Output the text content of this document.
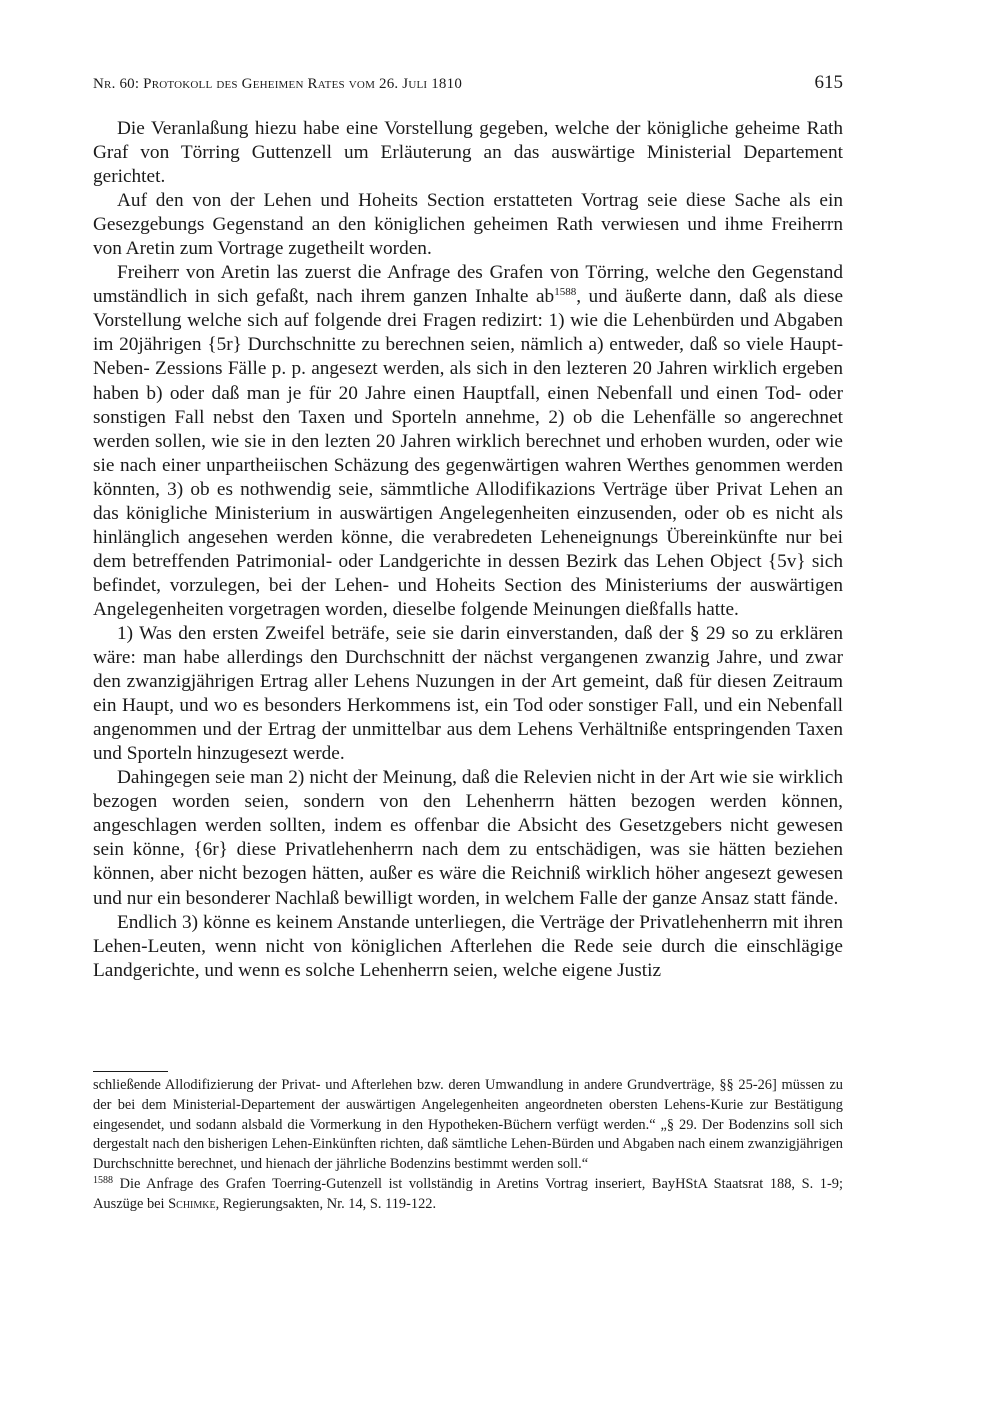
Nr. 60: Protokoll des Geheimen Rates vom 26. Juli 1810	615

Die Veranlaßung hiezu habe eine Vorstellung gegeben, welche der königliche geheime Rath Graf von Törring Guttenzell um Erläuterung an das auswärtige Ministerial Departement gerichtet.

Auf den von der Lehen und Hoheits Section erstatteten Vortrag seie diese Sache als ein Gesezgebungs Gegenstand an den königlichen geheimen Rath verwiesen und ihme Freiherrn von Aretin zum Vortrage zugetheilt worden.

Freiherr von Aretin las zuerst die Anfrage des Grafen von Törring, welche den Gegenstand umständlich in sich gefaßt, nach ihrem ganzen Inhalte $ab^{1588}$, und äußerte dann, daß als diese Vorstellung welche sich auf folgende drei Fragen redizirt: 1) wie die Lehenbürden und Abgaben im 20jährigen {5r} Durchschnitte zu berechnen seien, nämlich a) entweder, daß so viele Haupt- Neben- Zessions Fälle p. p. angesezt werden, als sich in den lezteren 20 Jahren wirklich ergeben haben b) oder daß man je für 20 Jahre einen Hauptfall, einen Nebenfall und einen Tod- oder sonstigen Fall nebst den Taxen und Sporteln annehme, 2) ob die Lehenfälle so angerechnet werden sollen, wie sie in den lezten 20 Jahren wirklich berechnet und erhoben wurden, oder wie sie nach einer unpartheiischen Schäzung des gegenwärtigen wahren Werthes genommen werden könnten, 3) ob es nothwendig seie, sämmtliche Allodifikazions Verträge über Privat Lehen an das königliche Ministerium in auswärtigen Angelegenheiten einzusenden, oder ob es nicht als hinlänglich angesehen werden könne, die verabredeten Leheneignungs Übereinkünfte nur bei dem betreffenden Patrimonial- oder Landgerichte in dessen Bezirk das Lehen Object {5v} sich befindet, vorzulegen, bei der Lehen- und Hoheits Section des Ministeriums der auswärtigen Angelegenheiten vorgetragen worden, dieselbe folgende Meinungen dießfalls hatte.

1) Was den ersten Zweifel beträfe, seie sie darin einverstanden, daß der § 29 so zu erklären wäre: man habe allerdings den Durchschnitt der nächst vergangenen zwanzig Jahre, und zwar den zwanzigjährigen Ertrag aller Lehens Nuzungen in der Art gemeint, daß für diesen Zeitraum ein Haupt, und wo es besonders Herkommens ist, ein Tod oder sonstiger Fall, und ein Nebenfall angenommen und der Ertrag der unmittelbar aus dem Lehens Verhältniße entspringenden Taxen und Sporteln hinzugesezt werde.

Dahingegen seie man 2) nicht der Meinung, daß die Relevien nicht in der Art wie sie wirklich bezogen worden seien, sondern von den Lehenherrn hätten bezogen werden können, angeschlagen werden sollten, indem es offenbar die Absicht des Gesetzgebers nicht gewesen sein könne, {6r} diese Privatlehenherrn nach dem zu entschädigen, was sie hätten beziehen können, aber nicht bezogen hätten, außer es wäre die Reichniß wirklich höher angesezt gewesen und nur ein besonderer Nachlaß bewilligt worden, in welchem Falle der ganze Ansaz statt fände.

Endlich 3) könne es keinem Anstande unterliegen, die Verträge der Privatlehenherrn mit ihren Lehen-Leuten, wenn nicht von königlichen Afterlehen die Rede seie durch die einschlägige Landgerichte, und wenn es solche Lehenherrn seien, welche eigene Justiz

schließende Allodifizierung der Privat- und Afterlehen bzw. deren Umwandlung in andere Grundverträge, §§ 25-26] müssen zu der bei dem Ministerial-Departement der auswärtigen Angelegenheiten angeordneten obersten Lehens-Kurie zur Bestätigung eingesendet, und sodann alsbald die Vormerkung in den Hypotheken-Büchern verfügt werden.“ „§ 29. Der Bodenzins soll sich dergestalt nach den bisherigen Lehen-Einkünften richten, daß sämtliche Lehen-Bürden und Abgaben nach einem zwanzigjährigen Durchschnitte berechnet, und hienach der jährliche Bodenzins bestimmt werden soll.“

$^{1588}$ Die Anfrage des Grafen Toerring-Gutenzell ist vollständig in Aretins Vortrag inseriert, BayHStA Staatsrat 188, S. 1-9; Auszüge bei Schimke, Regierungsakten, Nr. 14, S. 119-122.
